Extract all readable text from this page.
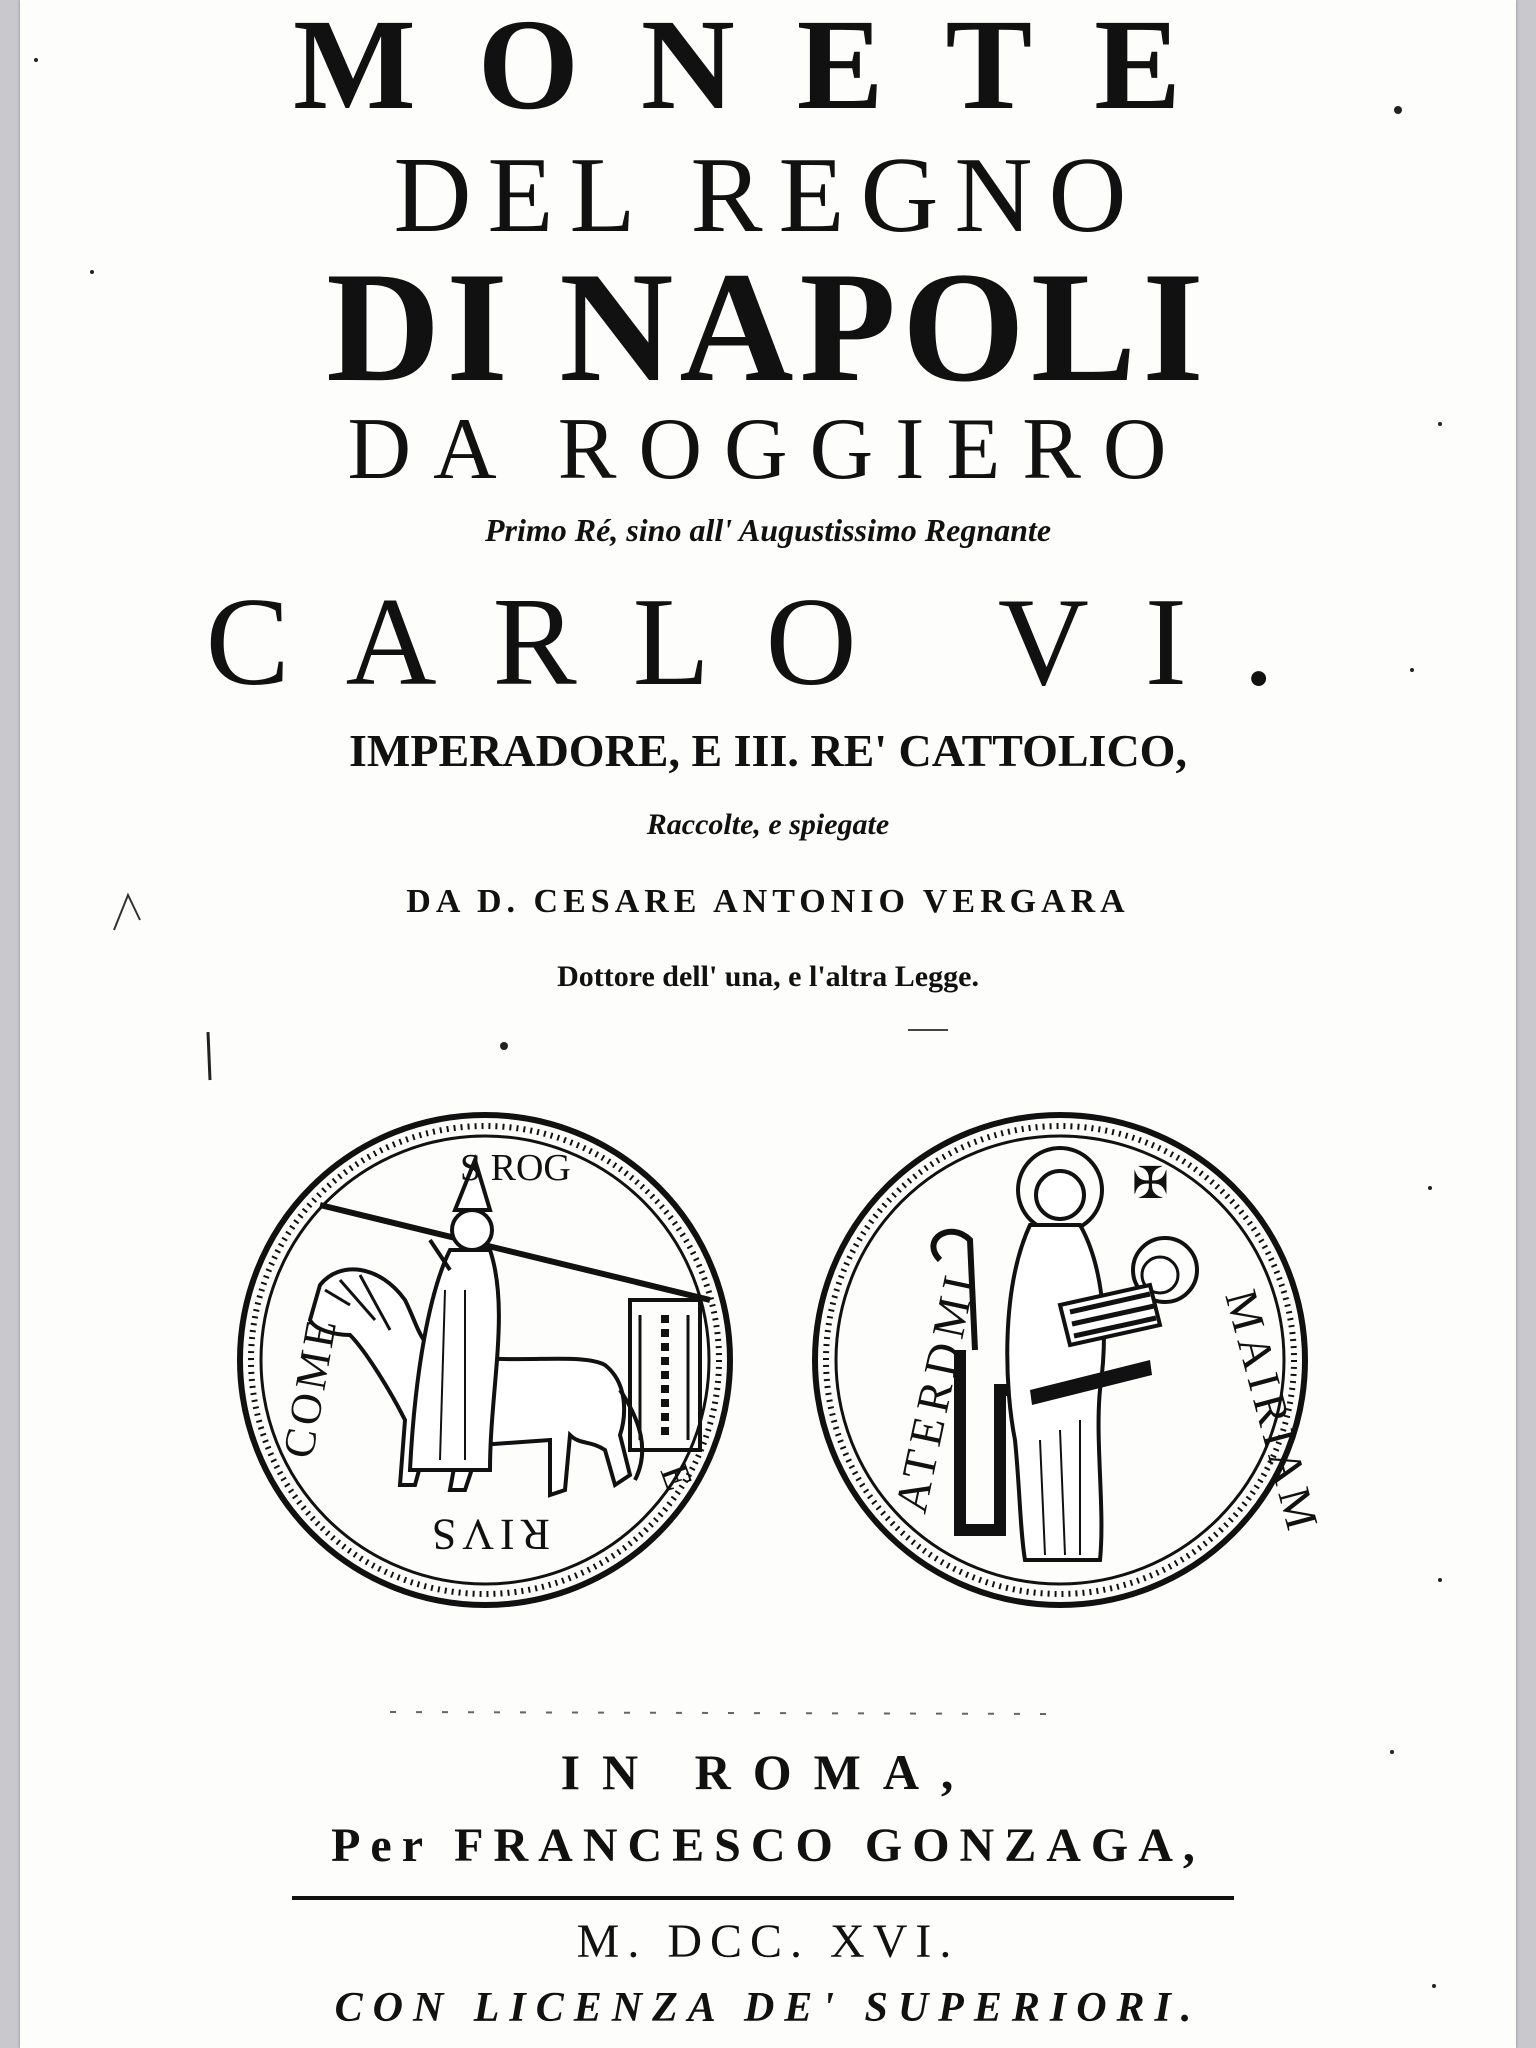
MONETE
DEL REGNO
DI NAPOLI
DA ROGGIERO
Primo Ré, sino all' Augustissimo Regnante
CARLO VI.
IMPERADORE, E III. RE' CATTOLICO,
Raccolte, e spiegate
DA D. CESARE ANTONIO VERGARA
Dottore dell' una, e l'altra Legge.
S ROG
COME
RIVS
E
✠
ATERDMI	MAIRIAM
IN ROMA,
Per FRANCESCO GONZAGA,
M. DCC. XVI.
CON LICENZA DE' SUPERIORI.
